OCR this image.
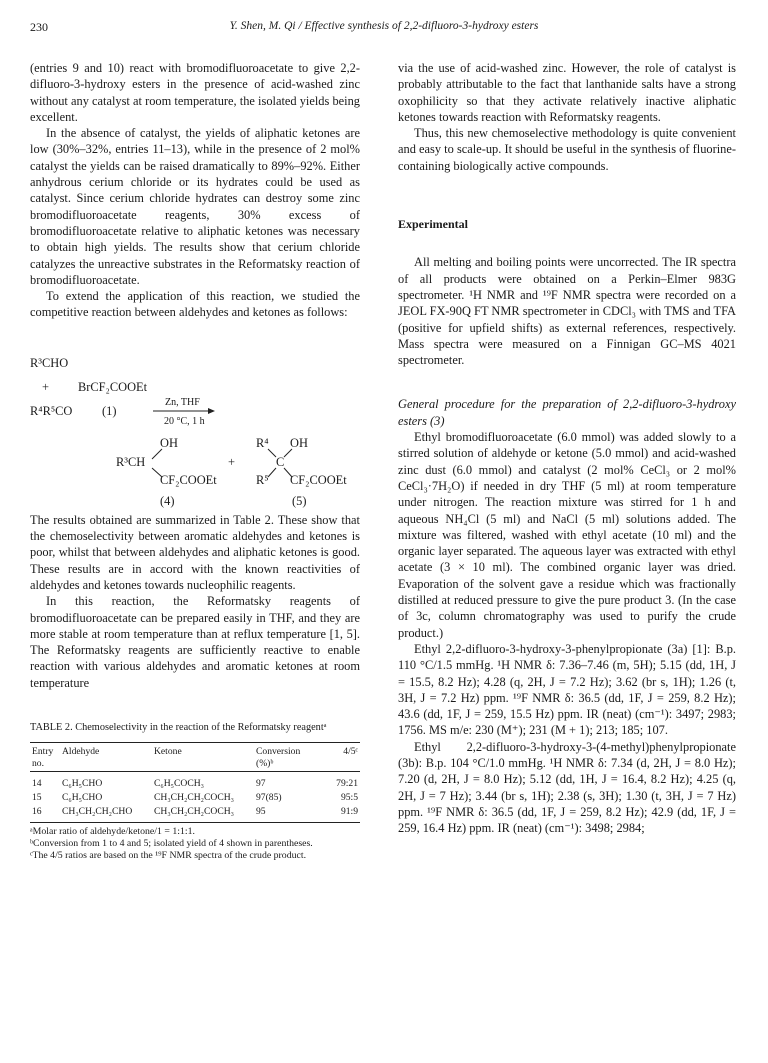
230	Y. Shen, M. Qi / Effective synthesis of 2,2-difluoro-3-hydroxy esters

(entries 9 and 10) react with bromodifluoroacetate to give 2,2-difluoro-3-hydroxy esters in the presence of acid-washed zinc without any catalyst at room temperature, the isolated yields being excellent.

In the absence of catalyst, the yields of aliphatic ketones are low (30%–32%, entries 11–13), while in the presence of 2 mol% catalyst the yields can be raised dramatically to 89%–92%. Either anhydrous cerium chloride or its hydrates could be used as catalyst. Since cerium chloride hydrates can destroy some zinc bromodifluoroacetate reagents, 30% excess of bromodifluoroacetate relative to aliphatic ketones was necessary to obtain high yields. The results show that cerium chloride catalyzes the unreactive substrates in the Reformatsky reaction of bromodifluoroacetate.

To extend the application of this reaction, we studied the competitive reaction between aldehydes and ketones as follows:

R³CHO
+ BrCF₂COOEt
R⁴R⁵CO (1)
Zn, THF
20 °C, 1 h
OH
R³CH
CF₂COOEt
(4)
+
R⁴
C
OH
R⁵ CF₂COOEt
(5)

The results obtained are summarized in Table 2. These show that the chemoselectivity between aromatic aldehydes and ketones is poor, whilst that between aldehydes and aliphatic ketones is good. These results are in accord with the known reactivities of aldehydes and ketones towards nucleophilic reagents.

In this reaction, the Reformatsky reagents of bromodifluoroacetate can be prepared easily in THF, and they are more stable at room temperature than at reflux temperature [1, 5]. The Reformatsky reagents are sufficiently reactive to enable reaction with various aldehydes and aromatic ketones at room temperature

TABLE 2. Chemoselectivity in the reaction of the Reformatsky reagentᵃ
Entry no.	Aldehyde	Ketone	Conversion (%)ᵇ	4/5ᶜ

14	C₆H₅CHO	C₆H₅COCH₃	97	79:21
15	C₆H₅CHO	CH₃CH₂CH₂COCH₃	97(85)	95:5
16	CH₃CH₂CH₂CHO	CH₃CH₂CH₂COCH₃	95	91:9
ᵃMolar ratio of aldehyde/ketone/1 = 1:1:1.
ᵇConversion from 1 to 4 and 5; isolated yield of 4 shown in parentheses.
ᶜThe 4/5 ratios are based on the ¹⁹F NMR spectra of the crude product.

via the use of acid-washed zinc. However, the role of catalyst is probably attributable to the fact that lanthanide salts have a strong oxophilicity so that they activate relatively inactive aliphatic ketones towards reaction with Reformatsky reagents.

Thus, this new chemoselective methodology is quite convenient and easy to scale-up. It should be useful in the synthesis of fluorine-containing biologically active compounds.

Experimental

All melting and boiling points were uncorrected. The IR spectra of all products were obtained on a Perkin–Elmer 983G spectrometer. ¹H NMR and ¹⁹F NMR spectra were recorded on a JEOL FX-90Q FT NMR spectrometer in CDCl₃ with TMS and TFA (positive for upfield shifts) as external references, respectively. Mass spectra were measured on a Finnigan GC–MS 4021 spectrometer.

General procedure for the preparation of 2,2-difluoro-3-hydroxy esters (3)

Ethyl bromodifluoroacetate (6.0 mmol) was added slowly to a stirred solution of aldehyde or ketone (5.0 mmol) and acid-washed zinc dust (6.0 mmol) and catalyst (2 mol% CeCl₃ or 2 mol% CeCl₃·7H₂O) if needed in dry THF (5 ml) at room temperature under nitrogen. The reaction mixture was stirred for 1 h and aqueous NH₄Cl (5 ml) and NaCl (5 ml) solutions added. The mixture was filtered, washed with ethyl acetate (10 ml) and the organic layer separated. The aqueous layer was extracted with ethyl acetate (3 × 10 ml). The combined organic layer was dried. Evaporation of the solvent gave a residue which was fractionally distilled at reduced pressure to give the pure product 3. (In the case of 3c, column chromatography was used to purify the crude product.)

Ethyl 2,2-difluoro-3-hydroxy-3-phenylpropionate (3a) [1]: B.p. 110 °C/1.5 mmHg. ¹H NMR δ: 7.36–7.46 (m, 5H); 5.15 (dd, 1H, J = 15.5, 8.2 Hz); 4.28 (q, 2H, J = 7.2 Hz); 3.62 (br s, 1H); 1.26 (t, 3H, J = 7.2 Hz) ppm. ¹⁹F NMR δ: 36.5 (dd, 1F, J = 259, 8.2 Hz); 43.6 (dd, 1F, J = 259, 15.5 Hz) ppm. IR (neat) (cm⁻¹): 3497; 2983; 1756. MS m/e: 230 (M⁺); 231 (M + 1); 213; 185; 107.

Ethyl 2,2-difluoro-3-hydroxy-3-(4-methyl)phenylpropionate (3b): B.p. 104 °C/1.0 mmHg. ¹H NMR δ: 7.34 (d, 2H, J = 8.0 Hz); 7.20 (d, 2H, J = 8.0 Hz); 5.12 (dd, 1H, J = 16.4, 8.2 Hz); 4.25 (q, 2H, J = 7 Hz); 3.44 (br s, 1H); 2.38 (s, 3H); 1.30 (t, 3H, J = 7 Hz) ppm. ¹⁹F NMR δ: 36.5 (dd, 1F, J = 259, 8.2 Hz); 42.9 (dd, 1F, J = 259, 16.4 Hz) ppm. IR (neat) (cm⁻¹): 3498; 2984;
